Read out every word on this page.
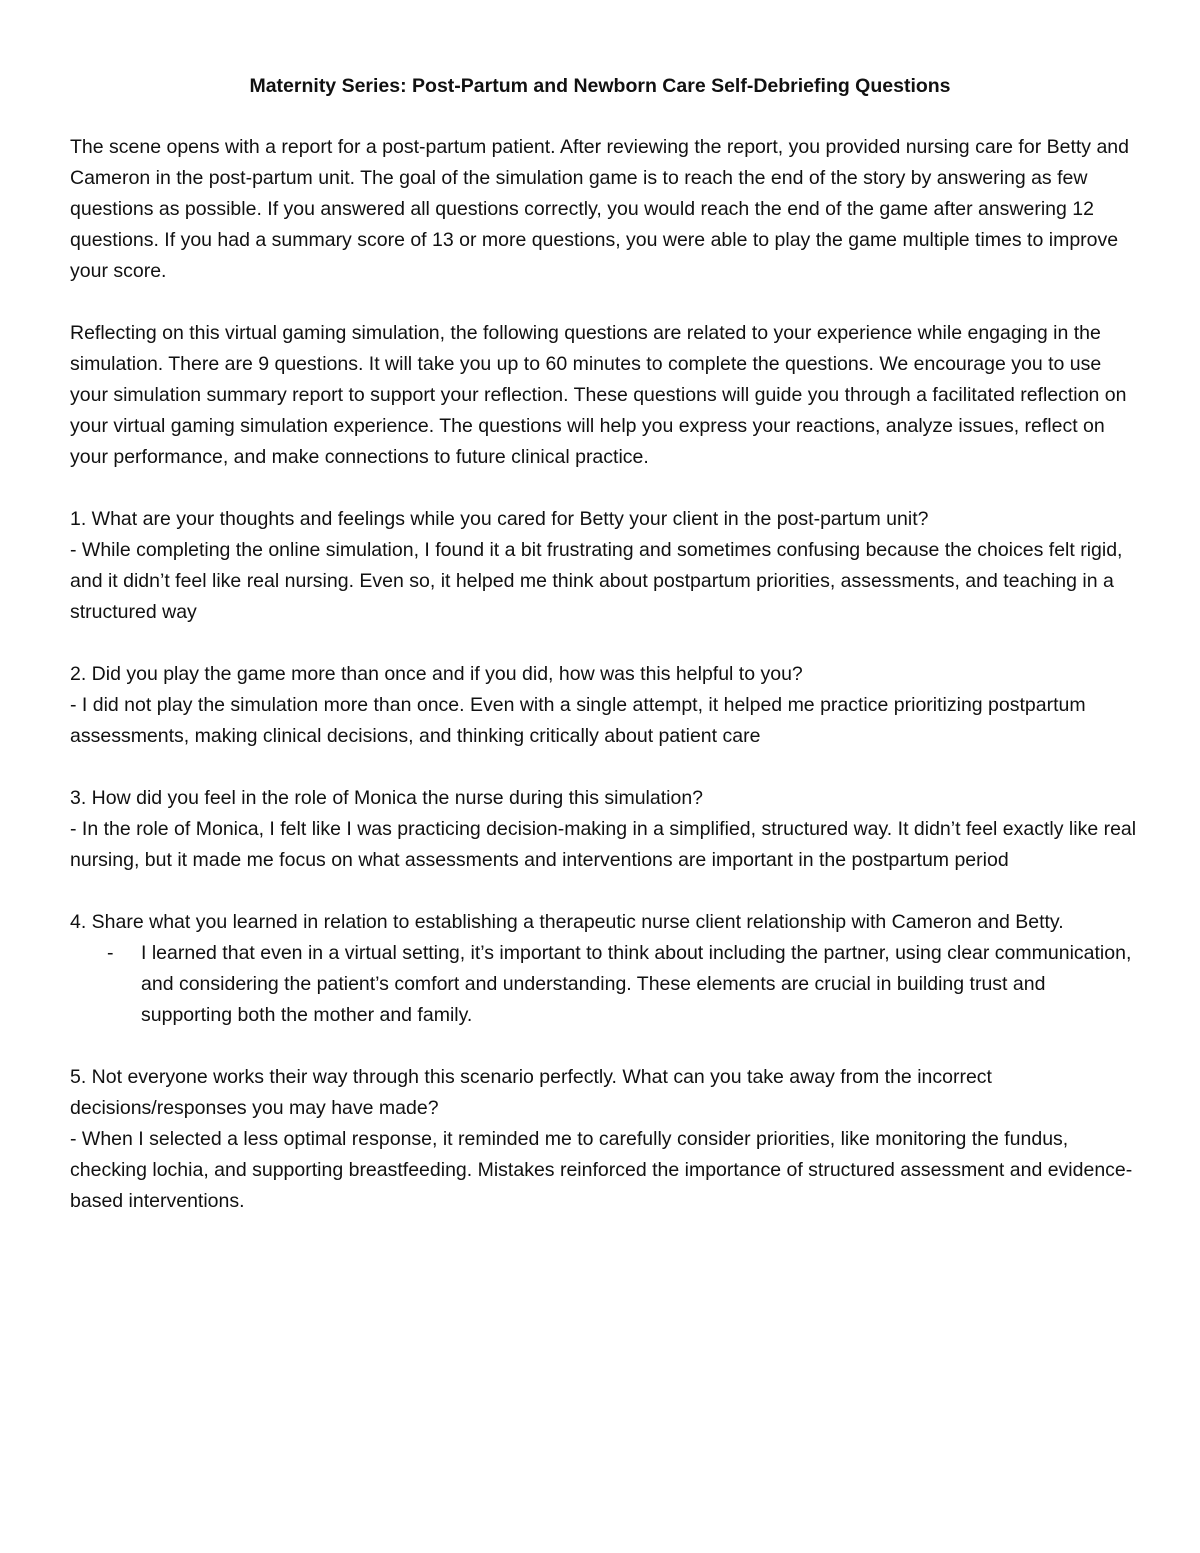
Maternity Series: Post-Partum and Newborn Care Self-Debriefing Questions

The scene opens with a report for a post-partum patient. After reviewing the report, you provided nursing care for Betty and Cameron in the post-partum unit. The goal of the simulation game is to reach the end of the story by answering as few questions as possible. If you answered all questions correctly, you would reach the end of the game after answering 12 questions. If you had a summary score of 13 or more questions, you were able to play the game multiple times to improve your score.

Reflecting on this virtual gaming simulation, the following questions are related to your experience while engaging in the simulation. There are 9 questions. It will take you up to 60 minutes to complete the questions. We encourage you to use your simulation summary report to support your reflection. These questions will guide you through a facilitated reflection on your virtual gaming simulation experience. The questions will help you express your reactions, analyze issues, reflect on your performance, and make connections to future clinical practice.

1. What are your thoughts and feelings while you cared for Betty your client in the post-partum unit?

- While completing the online simulation, I found it a bit frustrating and sometimes confusing because the choices felt rigid, and it didn’t feel like real nursing. Even so, it helped me think about postpartum priorities, assessments, and teaching in a structured way

2. Did you play the game more than once and if you did, how was this helpful to you?

- I did not play the simulation more than once. Even with a single attempt, it helped me practice prioritizing postpartum assessments, making clinical decisions, and thinking critically about patient care

3. How did you feel in the role of Monica the nurse during this simulation?

- In the role of Monica, I felt like I was practicing decision-making in a simplified, structured way. It didn’t feel exactly like real nursing, but it made me focus on what assessments and interventions are important in the postpartum period

4. Share what you learned in relation to establishing a therapeutic nurse client relationship with Cameron and Betty.

- I learned that even in a virtual setting, it’s important to think about including the partner, using clear communication, and considering the patient’s comfort and understanding. These elements are crucial in building trust and supporting both the mother and family.

5. Not everyone works their way through this scenario perfectly. What can you take away from the incorrect decisions/responses you may have made?

- When I selected a less optimal response, it reminded me to carefully consider priorities, like monitoring the fundus, checking lochia, and supporting breastfeeding. Mistakes reinforced the importance of structured assessment and evidence-based interventions.
